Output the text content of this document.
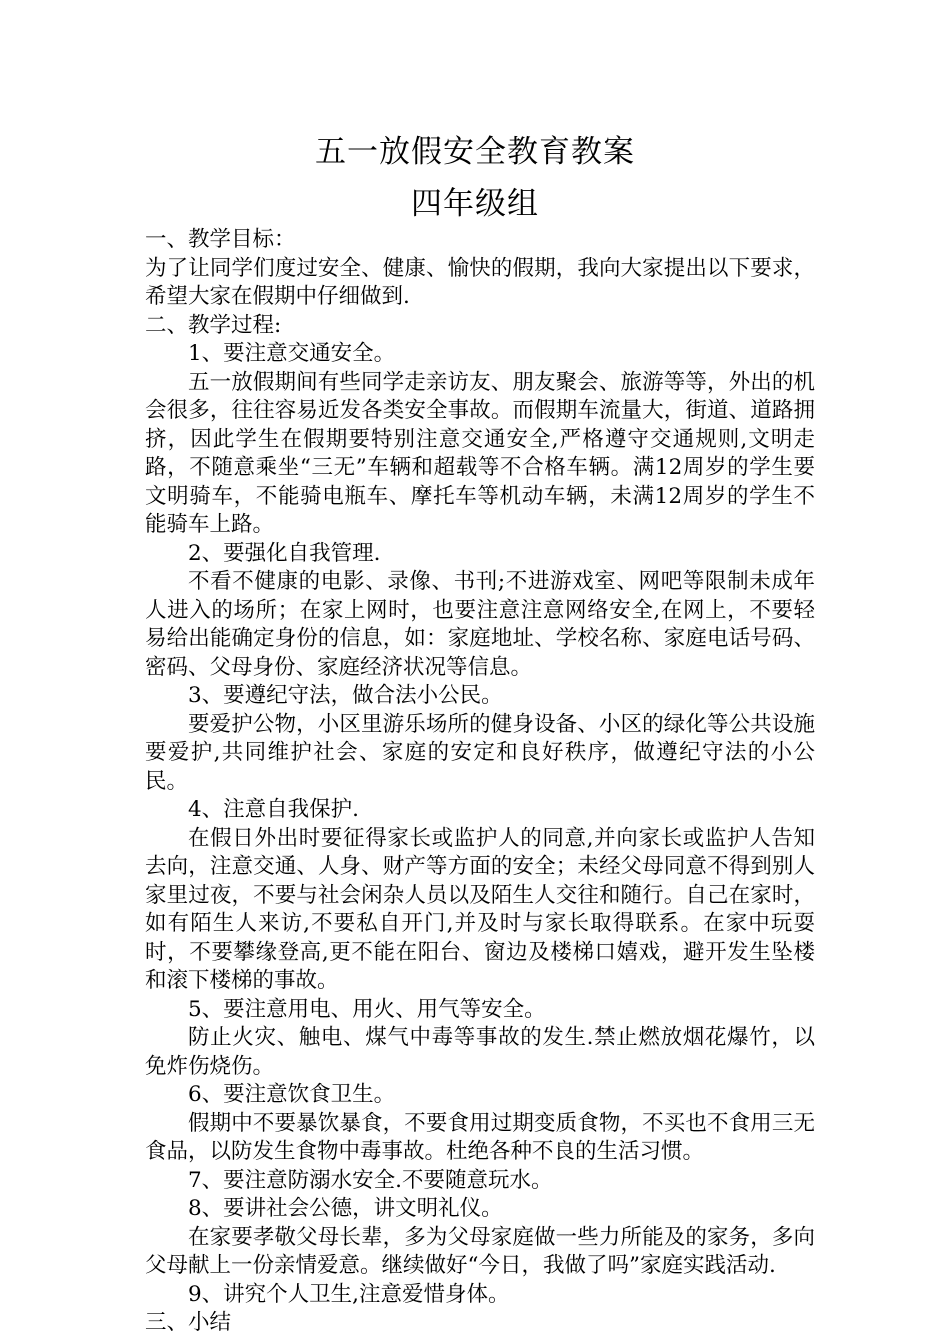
五一放假安全教育教案
四年级组

一、教学目标：

为了让同学们度过安全、健康、愉快的假期，我向大家提出以下要求，希望大家在假期中仔细做到.

二、教学过程:

1、要注意交通安全。

五一放假期间有些同学走亲访友、朋友聚会、旅游等等，外出的机会很多，往往容易近发各类安全事故。而假期车流量大，街道、道路拥挤，因此学生在假期要特别注意交通安全,严格遵守交通规则,文明走路，不随意乘坐“三无”车辆和超载等不合格车辆。满12周岁的学生要文明骑车，不能骑电瓶车、摩托车等机动车辆，未满12周岁的学生不能骑车上路。

2、要强化自我管理.

不看不健康的电影、录像、书刊;不进游戏室、网吧等限制未成年人进入的场所；在家上网时，也要注意注意网络安全,在网上，不要轻易给出能确定身份的信息，如：家庭地址、学校名称、家庭电话号码、密码、父母身份、家庭经济状况等信息。

3、要遵纪守法，做合法小公民。

要爱护公物，小区里游乐场所的健身设备、小区的绿化等公共设施要爱护,共同维护社会、家庭的安定和良好秩序，做遵纪守法的小公民。

4、注意自我保护.

在假日外出时要征得家长或监护人的同意,并向家长或监护人告知去向，注意交通、人身、财产等方面的安全；未经父母同意不得到别人家里过夜，不要与社会闲杂人员以及陌生人交往和随行。自己在家时，如有陌生人来访,不要私自开门,并及时与家长取得联系。在家中玩耍时，不要攀缘登高,更不能在阳台、窗边及楼梯口嬉戏，避开发生坠楼和滚下楼梯的事故。

5、要注意用电、用火、用气等安全。

防止火灾、触电、煤气中毒等事故的发生.禁止燃放烟花爆竹，以免炸伤烧伤。

6、要注意饮食卫生。

假期中不要暴饮暴食，不要食用过期变质食物，不买也不食用三无食品，以防发生食物中毒事故。杜绝各种不良的生活习惯。

7、要注意防溺水安全.不要随意玩水。

8、要讲社会公德，讲文明礼仪。

在家要孝敬父母长辈，多为父母家庭做一些力所能及的家务，多向父母献上一份亲情爱意。继续做好“今日，我做了吗”家庭实践活动.

9、讲究个人卫生,注意爱惜身体。

三、小结
